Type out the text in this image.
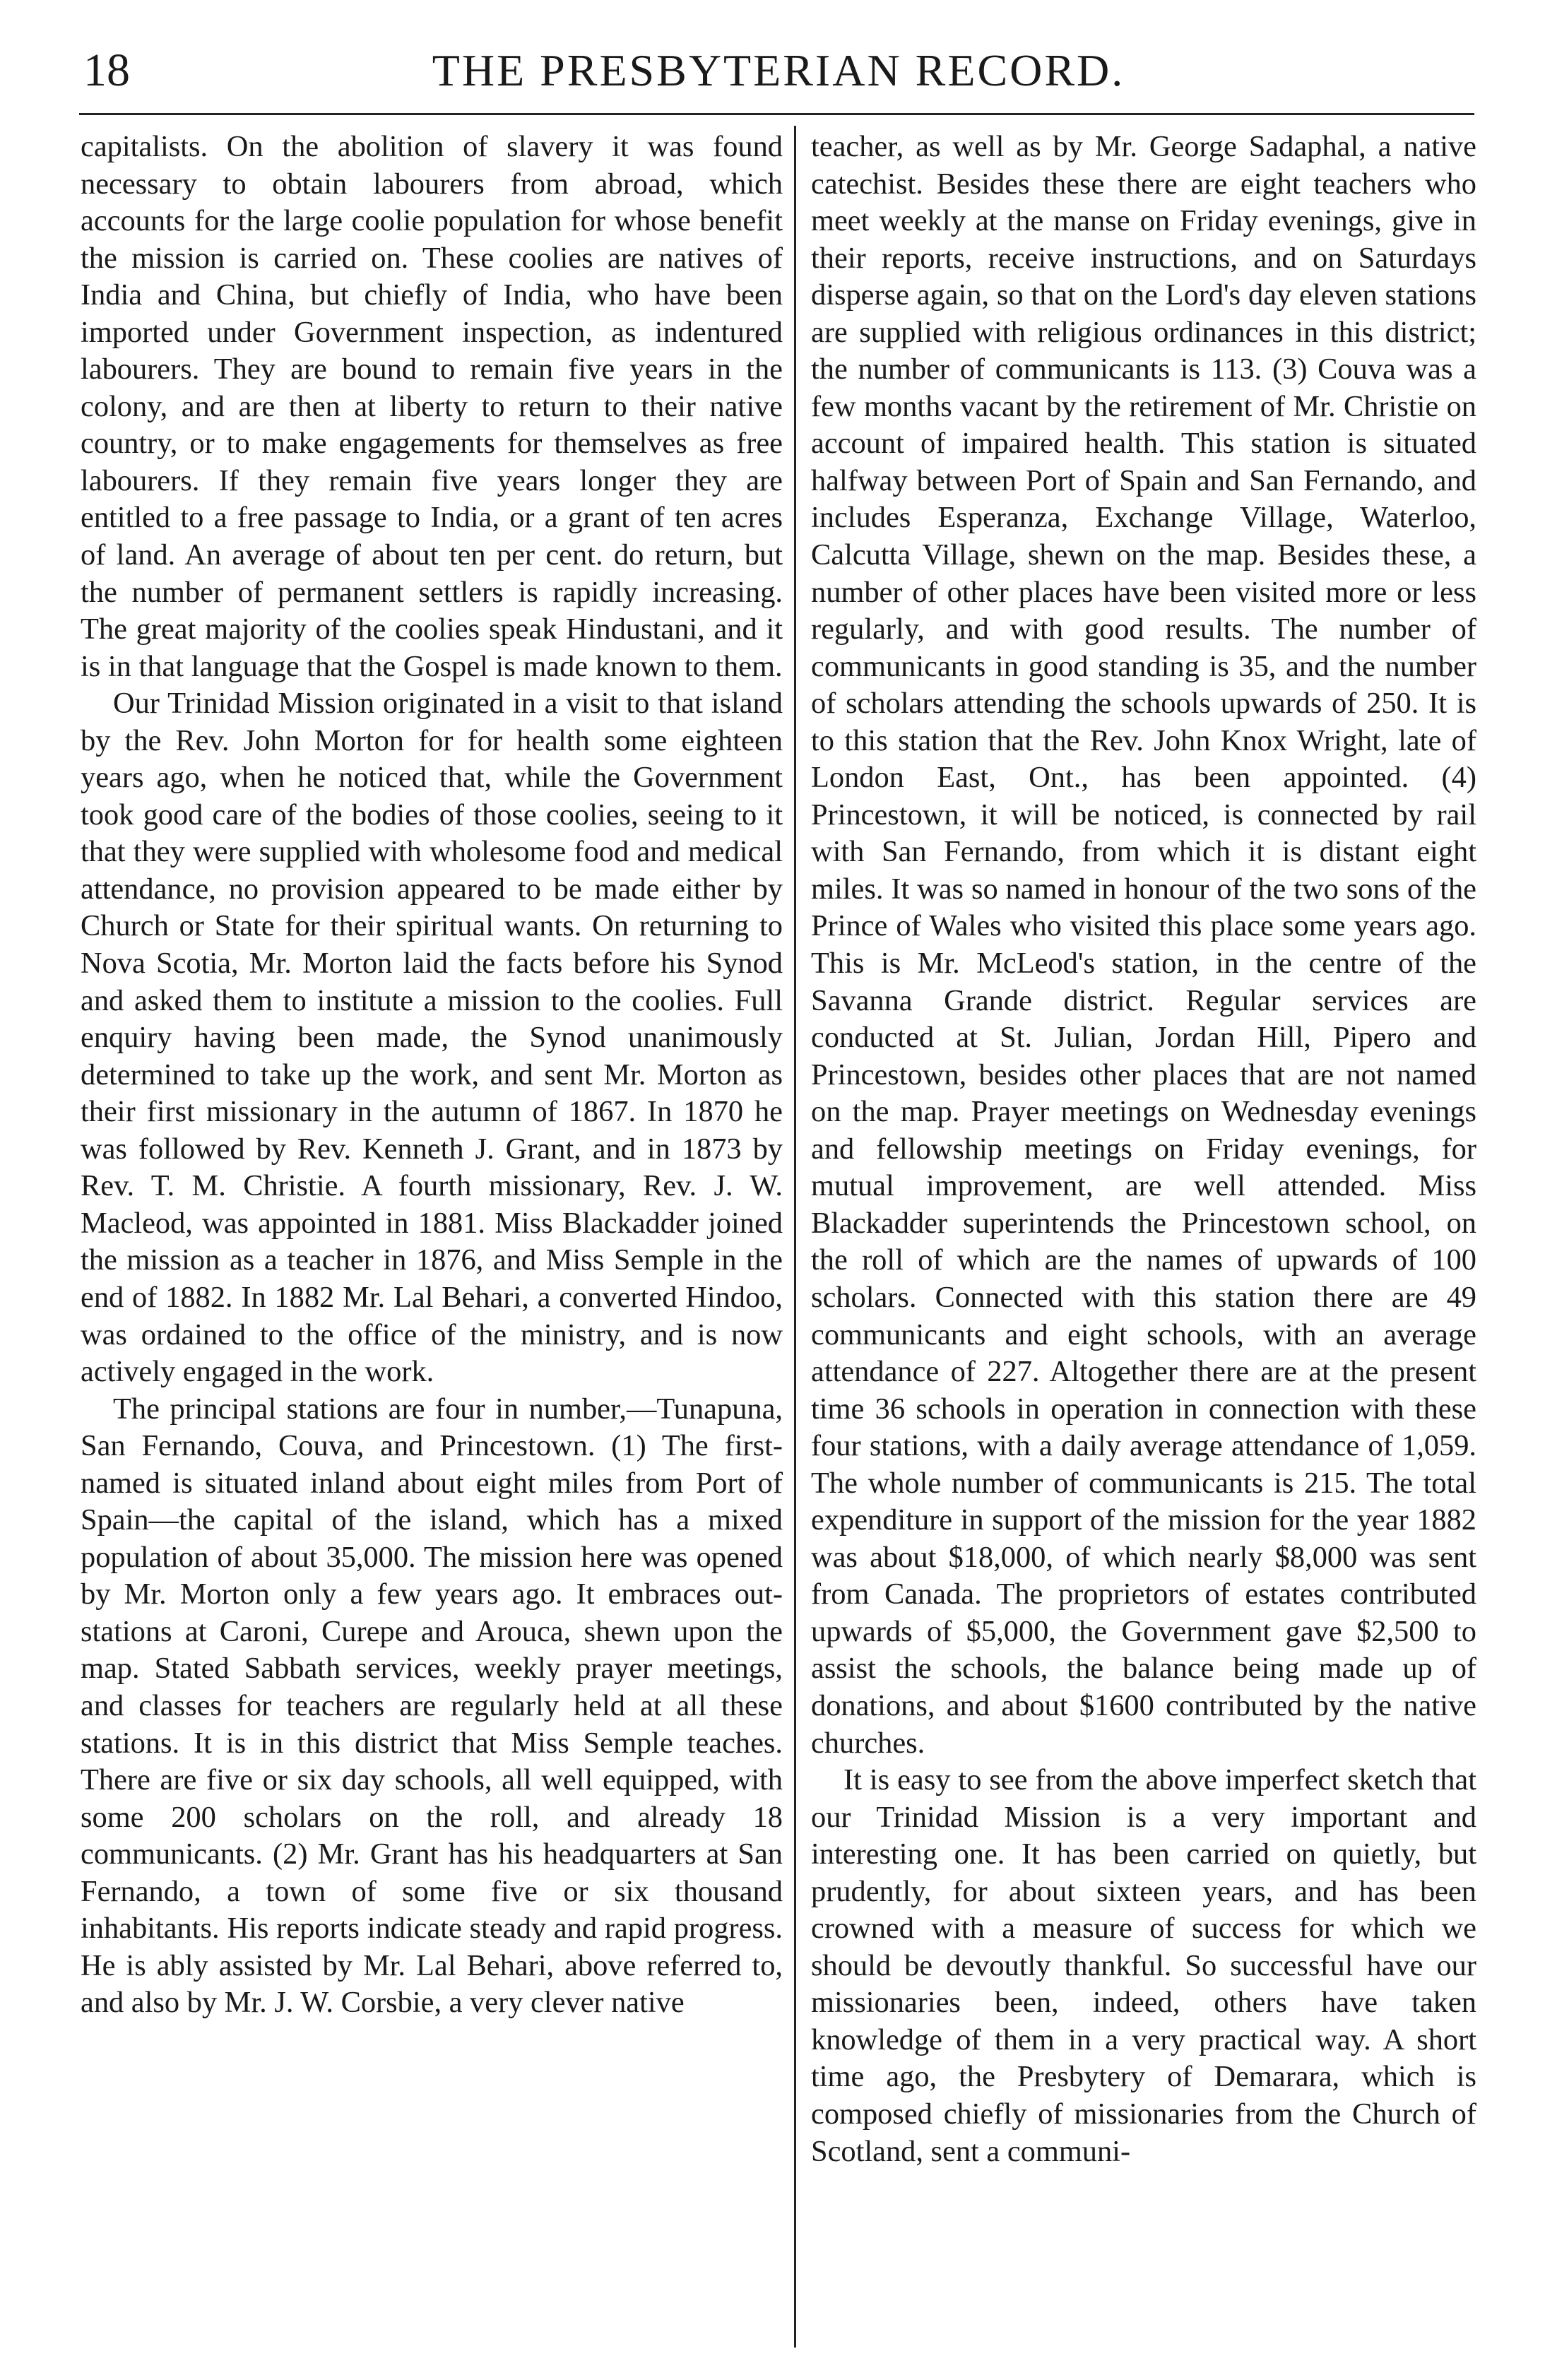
18	THE PRESBYTERIAN RECORD.

capitalists. On the abolition of slavery it was found necessary to obtain labourers from abroad, which accounts for the large coolie population for whose benefit the mission is carried on. These coolies are natives of India and China, but chiefly of India, who have been imported under Government inspection, as indentured labourers. They are bound to remain five years in the colony, and are then at liberty to return to their native country, or to make engagements for themselves as free labourers. If they remain five years longer they are entitled to a free passage to India, or a grant of ten acres of land. An average of about ten per cent. do return, but the number of permanent settlers is rapidly increasing. The great majority of the coolies speak Hindustani, and it is in that language that the Gospel is made known to them.

Our Trinidad Mission originated in a visit to that island by the Rev. John Morton for for health some eighteen years ago, when he noticed that, while the Government took good care of the bodies of those coolies, seeing to it that they were supplied with wholesome food and medical attendance, no provision appeared to be made either by Church or State for their spiritual wants. On returning to Nova Scotia, Mr. Morton laid the facts before his Synod and asked them to institute a mission to the coolies. Full enquiry having been made, the Synod unanimously determined to take up the work, and sent Mr. Morton as their first missionary in the autumn of 1867. In 1870 he was followed by Rev. Kenneth J. Grant, and in 1873 by Rev. T. M. Christie. A fourth missionary, Rev. J. W. Macleod, was appointed in 1881. Miss Blackadder joined the mission as a teacher in 1876, and Miss Semple in the end of 1882. In 1882 Mr. Lal Behari, a converted Hindoo, was ordained to the office of the ministry, and is now actively engaged in the work.

The principal stations are four in number,—Tunapuna, San Fernando, Couva, and Princestown. (1) The first-named is situated inland about eight miles from Port of Spain—the capital of the island, which has a mixed population of about 35,000. The mission here was opened by Mr. Morton only a few years ago. It embraces out-stations at Caroni, Curepe and Arouca, shewn upon the map. Stated Sabbath services, weekly prayer meetings, and classes for teachers are regularly held at all these stations. It is in this district that Miss Semple teaches. There are five or six day schools, all well equipped, with some 200 scholars on the roll, and already 18 communicants. (2) Mr. Grant has his headquarters at San Fernando, a town of some five or six thousand inhabitants. His reports indicate steady and rapid progress. He is ably assisted by Mr. Lal Behari, above referred to, and also by Mr. J. W. Corsbie, a very clever native

teacher, as well as by Mr. George Sadaphal, a native catechist. Besides these there are eight teachers who meet weekly at the manse on Friday evenings, give in their reports, receive instructions, and on Saturdays disperse again, so that on the Lord's day eleven stations are supplied with religious ordinances in this district; the number of communicants is 113. (3) Couva was a few months vacant by the retirement of Mr. Christie on account of impaired health. This station is situated halfway between Port of Spain and San Fernando, and includes Esperanza, Exchange Village, Waterloo, Calcutta Village, shewn on the map. Besides these, a number of other places have been visited more or less regularly, and with good results. The number of communicants in good standing is 35, and the number of scholars attending the schools upwards of 250. It is to this station that the Rev. John Knox Wright, late of London East, Ont., has been appointed. (4) Princestown, it will be noticed, is connected by rail with San Fernando, from which it is distant eight miles. It was so named in honour of the two sons of the Prince of Wales who visited this place some years ago. This is Mr. McLeod's station, in the centre of the Savanna Grande district. Regular services are conducted at St. Julian, Jordan Hill, Pipero and Princestown, besides other places that are not named on the map. Prayer meetings on Wednesday evenings and fellowship meetings on Friday evenings, for mutual improvement, are well attended. Miss Blackadder superintends the Princestown school, on the roll of which are the names of upwards of 100 scholars. Connected with this station there are 49 communicants and eight schools, with an average attendance of 227. Altogether there are at the present time 36 schools in operation in connection with these four stations, with a daily average attendance of 1,059. The whole number of communicants is 215. The total expenditure in support of the mission for the year 1882 was about $18,000, of which nearly $8,000 was sent from Canada. The proprietors of estates contributed upwards of $5,000, the Government gave $2,500 to assist the schools, the balance being made up of donations, and about $1600 contributed by the native churches.

It is easy to see from the above imperfect sketch that our Trinidad Mission is a very important and interesting one. It has been carried on quietly, but prudently, for about sixteen years, and has been crowned with a measure of success for which we should be devoutly thankful. So successful have our missionaries been, indeed, others have taken knowledge of them in a very practical way. A short time ago, the Presbytery of Demarara, which is composed chiefly of missionaries from the Church of Scotland, sent a communi-
